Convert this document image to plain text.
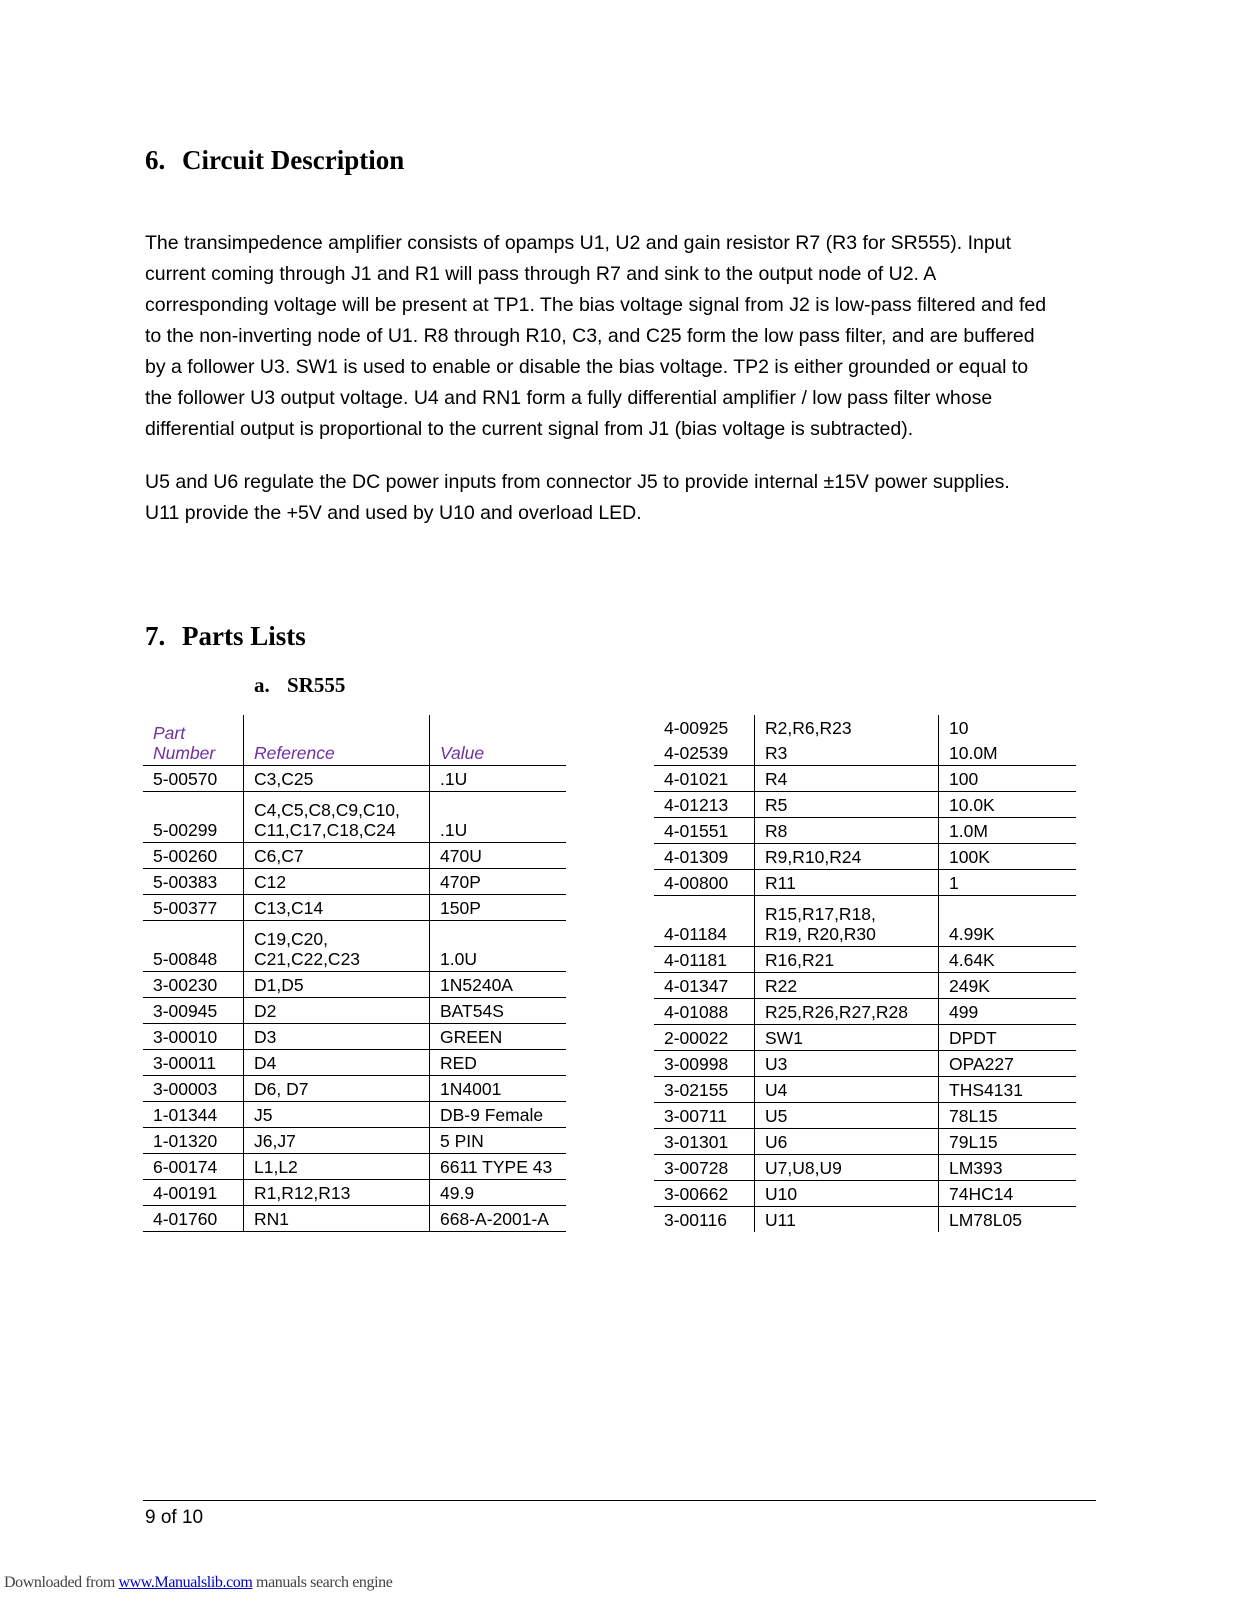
6. Circuit Description
The transimpedence amplifier consists of opamps U1, U2 and gain resistor R7 (R3 for SR555). Input
current coming through J1 and R1 will pass through R7 and sink to the output node of U2. A
corresponding voltage will be present at TP1. The bias voltage signal from J2 is low-pass filtered and fed
to the non-inverting node of U1. R8 through R10, C3, and C25 form the low pass filter, and are buffered
by a follower U3. SW1 is used to enable or disable the bias voltage. TP2 is either grounded or equal to
the follower U3 output voltage. U4 and RN1 form a fully differential amplifier / low pass filter whose
differential output is proportional to the current signal from J1 (bias voltage is subtracted).
U5 and U6 regulate the DC power inputs from connector J5 to provide internal ±15V power supplies.
U11 provide the +5V and used by U10 and overload LED.
7. Parts Lists
a. SR555
Part
Number	Reference	Value
5-00570	C3,C25	.1U
5-00299	C4,C5,C8,C9,C10,
C11,C17,C18,C24	.1U
5-00260	C6,C7	470U
5-00383	C12	470P
5-00377	C13,C14	150P
5-00848	C19,C20,
C21,C22,C23	1.0U
3-00230	D1,D5	1N5240A
3-00945	D2	BAT54S
3-00010	D3	GREEN
3-00011	D4	RED
3-00003	D6, D7	1N4001
1-01344	J5	DB-9 Female
1-01320	J6,J7	5 PIN
6-00174	L1,L2	6611 TYPE 43
4-00191	R1,R12,R13	49.9
4-01760	RN1	668-A-2001-A
4-00925	R2,R6,R23	10
4-02539	R3	10.0M
4-01021	R4	100
4-01213	R5	10.0K
4-01551	R8	1.0M
4-01309	R9,R10,R24	100K
4-00800	R11	1
4-01184	R15,R17,R18,
R19, R20,R30	4.99K
4-01181	R16,R21	4.64K
4-01347	R22	249K
4-01088	R25,R26,R27,R28	499
2-00022	SW1	DPDT
3-00998	U3	OPA227
3-02155	U4	THS4131
3-00711	U5	78L15
3-01301	U6	79L15
3-00728	U7,U8,U9	LM393
3-00662	U10	74HC14
3-00116	U11	LM78L05
9 of 10
Downloaded from www.Manualslib.com manuals search engine
